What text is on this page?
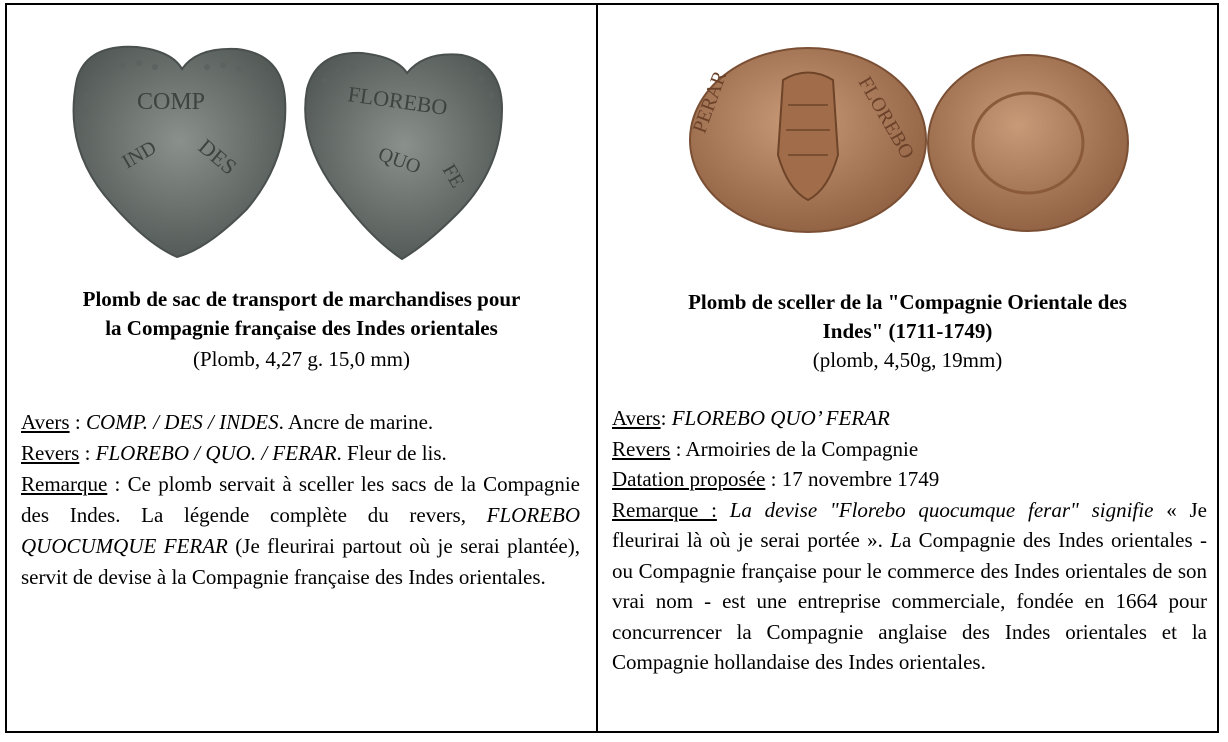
COMP
DES
IND
FLOREBO
QUO FE
Plomb de sac de transport de marchandises pour
la Compagnie française des Indes orientales
(Plomb, 4,27 g. 15,0 mm)

Avers : COMP. / DES / INDES. Ancre de marine.

Revers : FLOREBO / QUO. / FERAR. Fleur de lis.

Remarque : Ce plomb servait à sceller les sacs de la Compagnie des Indes. La légende complète du revers, FLOREBO QUOCUMQUE FERAR (Je fleurirai partout où je serai plantée), servit de devise à la Compagnie française des Indes orientales.

PERAR	FLOREBO
Plomb de sceller de la "Compagnie Orientale des
Indes" (1711-1749)
(plomb, 4,50g, 19mm)

Avers: FLOREBO QUO’ FERAR

Revers : Armoiries de la Compagnie

Datation proposée : 17 novembre 1749

Remarque : La devise "Florebo quocumque ferar" signifie « Je fleurirai là où je serai portée ». La Compagnie des Indes orientales - ou Compagnie française pour le commerce des Indes orientales de son vrai nom - est une entreprise commerciale, fondée en 1664 pour concurrencer la Compagnie anglaise des Indes orientales et la Compagnie hollandaise des Indes orientales.
